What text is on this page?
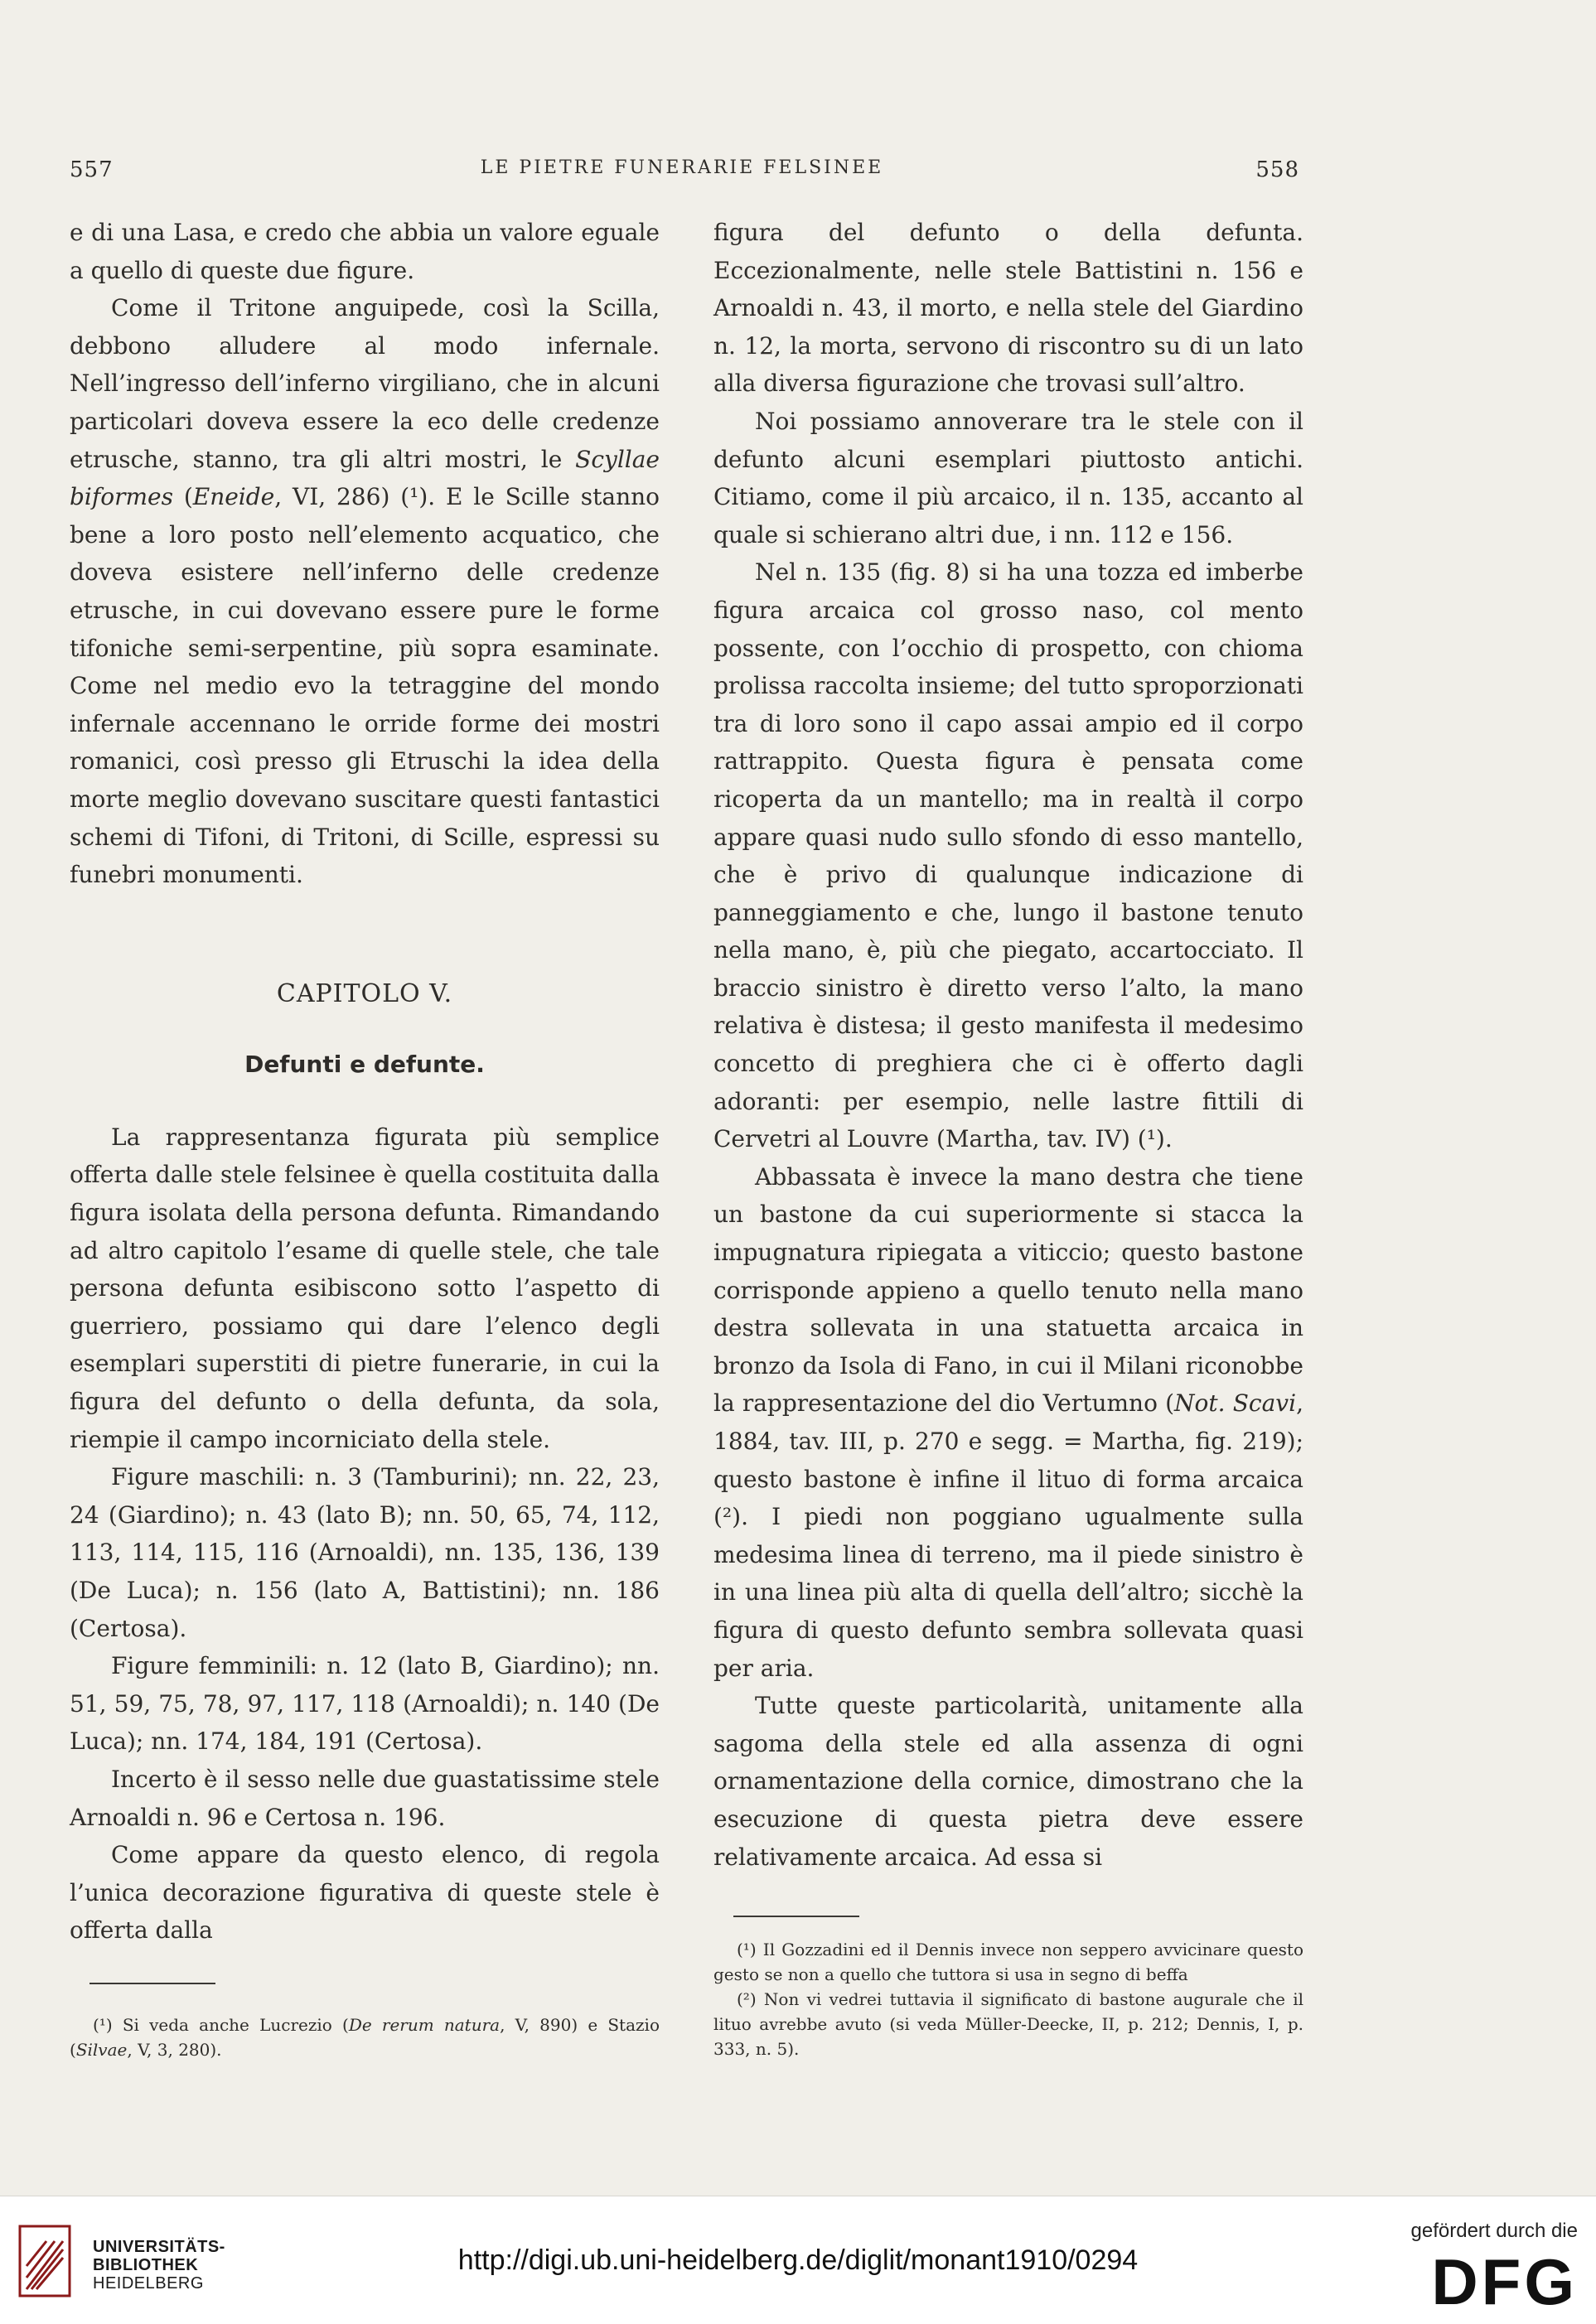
557	LE PIETRE FUNERARIE FELSINEE	558

e di una Lasa, e credo che abbia un valore eguale a quello di queste due figure.

Come il Tritone anguipede, così la Scilla, debbono alludere al modo infernale. Nell’ingresso dell’inferno virgiliano, che in alcuni particolari doveva essere la eco delle credenze etrusche, stanno, tra gli altri mostri, le Scyllae biformes (Eneide, VI, 286) (¹). E le Scille stanno bene a loro posto nell’elemento acquatico, che doveva esistere nell’inferno delle credenze etrusche, in cui dovevano essere pure le forme tifoniche semi-serpentine, più sopra esaminate. Come nel medio evo la tetraggine del mondo infernale accennano le orride forme dei mostri romanici, così presso gli Etruschi la idea della morte meglio dovevano suscitare questi fantastici schemi di Tifoni, di Tritoni, di Scille, espressi su funebri monumenti.

CAPITOLO V.
Defunti e defunte.

La rappresentanza figurata più semplice offerta dalle stele felsinee è quella costituita dalla figura isolata della persona defunta. Rimandando ad altro capitolo l’esame di quelle stele, che tale persona defunta esibiscono sotto l’aspetto di guerriero, possiamo qui dare l’elenco degli esemplari superstiti di pietre funerarie, in cui la figura del defunto o della defunta, da sola, riempie il campo incorniciato della stele.

Figure maschili: n. 3 (Tamburini); nn. 22, 23, 24 (Giardino); n. 43 (lato B); nn. 50, 65, 74, 112, 113, 114, 115, 116 (Arnoaldi), nn. 135, 136, 139 (De Luca); n. 156 (lato A, Battistini); nn. 186 (Certosa).

Figure femminili: n. 12 (lato B, Giardino); nn. 51, 59, 75, 78, 97, 117, 118 (Arnoaldi); n. 140 (De Luca); nn. 174, 184, 191 (Certosa).

Incerto è il sesso nelle due guastatissime stele Arnoaldi n. 96 e Certosa n. 196.

Come appare da questo elenco, di regola l’unica decorazione figurativa di queste stele è offerta dalla

(¹) Si veda anche Lucrezio (De rerum natura, V, 890) e Stazio (Silvae, V, 3, 280).

figura del defunto o della defunta. Eccezionalmente, nelle stele Battistini n. 156 e Arnoaldi n. 43, il morto, e nella stele del Giardino n. 12, la morta, servono di riscontro su di un lato alla diversa figurazione che trovasi sull’altro.

Noi possiamo annoverare tra le stele con il defunto alcuni esemplari piuttosto antichi. Citiamo, come il più arcaico, il n. 135, accanto al quale si schierano altri due, i nn. 112 e 156.

Nel n. 135 (fig. 8) si ha una tozza ed imberbe figura arcaica col grosso naso, col mento possente, con l’occhio di prospetto, con chioma prolissa raccolta insieme; del tutto sproporzionati tra di loro sono il capo assai ampio ed il corpo rattrappito. Questa figura è pensata come ricoperta da un mantello; ma in realtà il corpo appare quasi nudo sullo sfondo di esso mantello, che è privo di qualunque indicazione di panneggiamento e che, lungo il bastone tenuto nella mano, è, più che piegato, accartocciato. Il braccio sinistro è diretto verso l’alto, la mano relativa è distesa; il gesto manifesta il medesimo concetto di preghiera che ci è offerto dagli adoranti: per esempio, nelle lastre fittili di Cervetri al Louvre (Martha, tav. IV) (¹).

Abbassata è invece la mano destra che tiene un bastone da cui superiormente si stacca la impugnatura ripiegata a viticcio; questo bastone corrisponde appieno a quello tenuto nella mano destra sollevata in una statuetta arcaica in bronzo da Isola di Fano, in cui il Milani riconobbe la rappresentazione del dio Vertumno (Not. Scavi, 1884, tav. III, p. 270 e segg. = Martha, fig. 219); questo bastone è infine il lituo di forma arcaica (²). I piedi non poggiano ugualmente sulla medesima linea di terreno, ma il piede sinistro è in una linea più alta di quella dell’altro; sicchè la figura di questo defunto sembra sollevata quasi per aria.

Tutte queste particolarità, unitamente alla sagoma della stele ed alla assenza di ogni ornamentazione della cornice, dimostrano che la esecuzione di questa pietra deve essere relativamente arcaica. Ad essa si

(¹) Il Gozzadini ed il Dennis invece non seppero avvicinare questo gesto se non a quello che tuttora si usa in segno di beffa

(²) Non vi vedrei tuttavia il significato di bastone augurale che il lituo avrebbe avuto (si veda Müller-Deecke, II, p. 212; Dennis, I, p. 333, n. 5).

UNIVERSITÄTS-
BIBLIOTHEK
HEIDELBERG
http://digi.ub.uni-heidelberg.de/diglit/monant1910/0294
gefördert durch die
DFG
